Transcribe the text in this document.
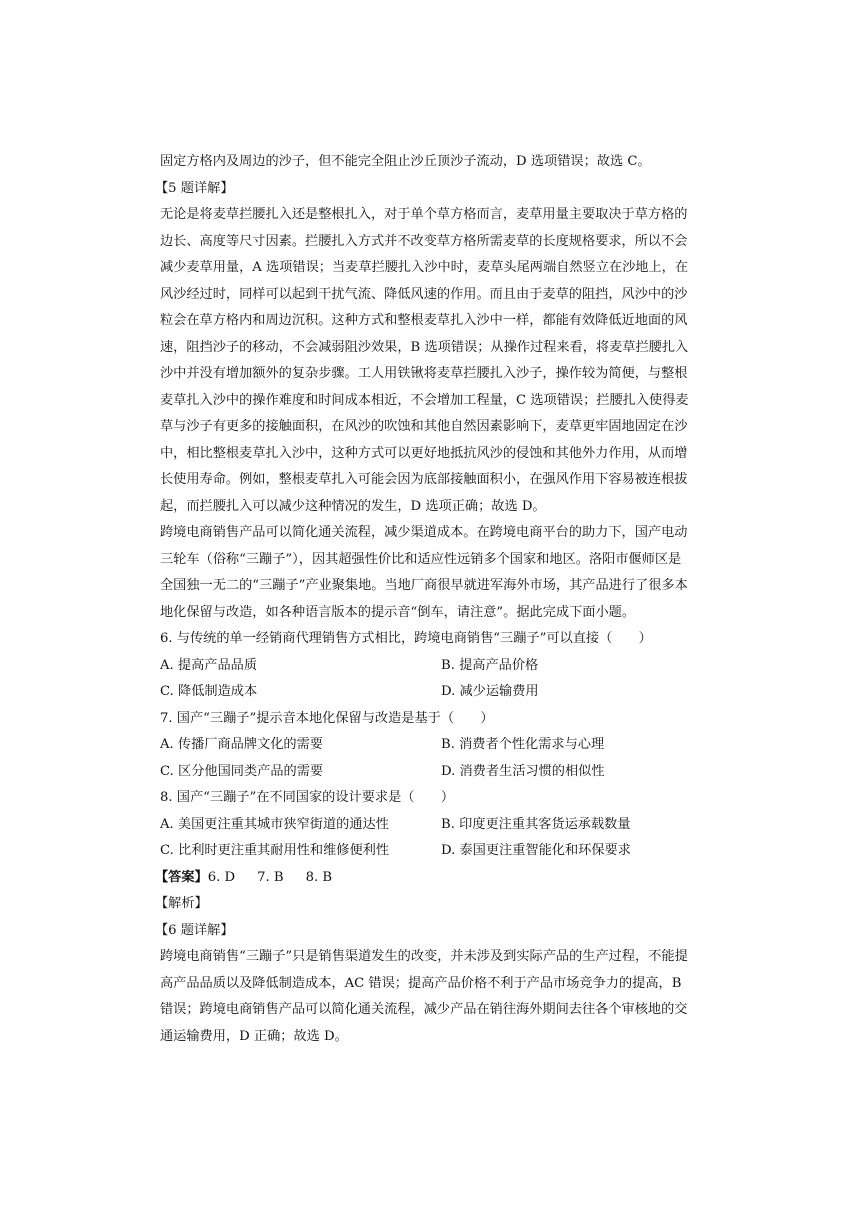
固定方格内及周边的沙子，但不能完全阻止沙丘顶沙子流动，D 选项错误；故选 C。
【5 题详解】
无论是将麦草拦腰扎入还是整根扎入，对于单个草方格而言，麦草用量主要取决于草方格的
边长、高度等尺寸因素。拦腰扎入方式并不改变草方格所需麦草的长度规格要求，所以不会
减少麦草用量，A 选项错误；当麦草拦腰扎入沙中时，麦草头尾两端自然竖立在沙地上，在
风沙经过时，同样可以起到干扰气流、降低风速的作用。而且由于麦草的阻挡，风沙中的沙
粒会在草方格内和周边沉积。这种方式和整根麦草扎入沙中一样，都能有效降低近地面的风
速，阻挡沙子的移动，不会减弱阻沙效果，B 选项错误；从操作过程来看，将麦草拦腰扎入
沙中并没有增加额外的复杂步骤。工人用铁锹将麦草拦腰扎入沙子，操作较为简便，与整根
麦草扎入沙中的操作难度和时间成本相近，不会增加工程量，C 选项错误；拦腰扎入使得麦
草与沙子有更多的接触面积，在风沙的吹蚀和其他自然因素影响下，麦草更牢固地固定在沙
中，相比整根麦草扎入沙中，这种方式可以更好地抵抗风沙的侵蚀和其他外力作用，从而增
长使用寿命。例如，整根麦草扎入可能会因为底部接触面积小，在强风作用下容易被连根拔
起，而拦腰扎入可以减少这种情况的发生，D 选项正确；故选 D。
跨境电商销售产品可以简化通关流程，减少渠道成本。在跨境电商平台的助力下，国产电动
三轮车（俗称“三蹦子”），因其超强性价比和适应性远销多个国家和地区。洛阳市偃师区是
全国独一无二的“三蹦子”产业聚集地。当地厂商很早就进军海外市场，其产品进行了很多本
地化保留与改造，如各种语言版本的提示音“倒车，请注意”。据此完成下面小题。
6. 与传统的单一经销商代理销售方式相比，跨境电商销售“三蹦子”可以直接（　　）
A. 提高产品品质	B. 提高产品价格
C. 降低制造成本	D. 减少运输费用
7. 国产“三蹦子”提示音本地化保留与改造是基于（　　）
A. 传播厂商品牌文化的需要	B. 消费者个性化需求与心理
C. 区分他国同类产品的需要	D. 消费者生活习惯的相似性
8. 国产“三蹦子”在不同国家的设计要求是（　　）
A. 美国更注重其城市狭窄街道的通达性	B. 印度更注重其客货运承载数量
C. 比利时更注重其耐用性和维修便利性	D. 泰国更注重智能化和环保要求
【答案】6. D 7. B 8. B
【解析】
【6 题详解】
跨境电商销售“三蹦子”只是销售渠道发生的改变，并未涉及到实际产品的生产过程，不能提
高产品品质以及降低制造成本，AC 错误；提高产品价格不利于产品市场竞争力的提高，B
错误；跨境电商销售产品可以简化通关流程，减少产品在销往海外期间去往各个审核地的交
通运输费用，D 正确；故选 D。
